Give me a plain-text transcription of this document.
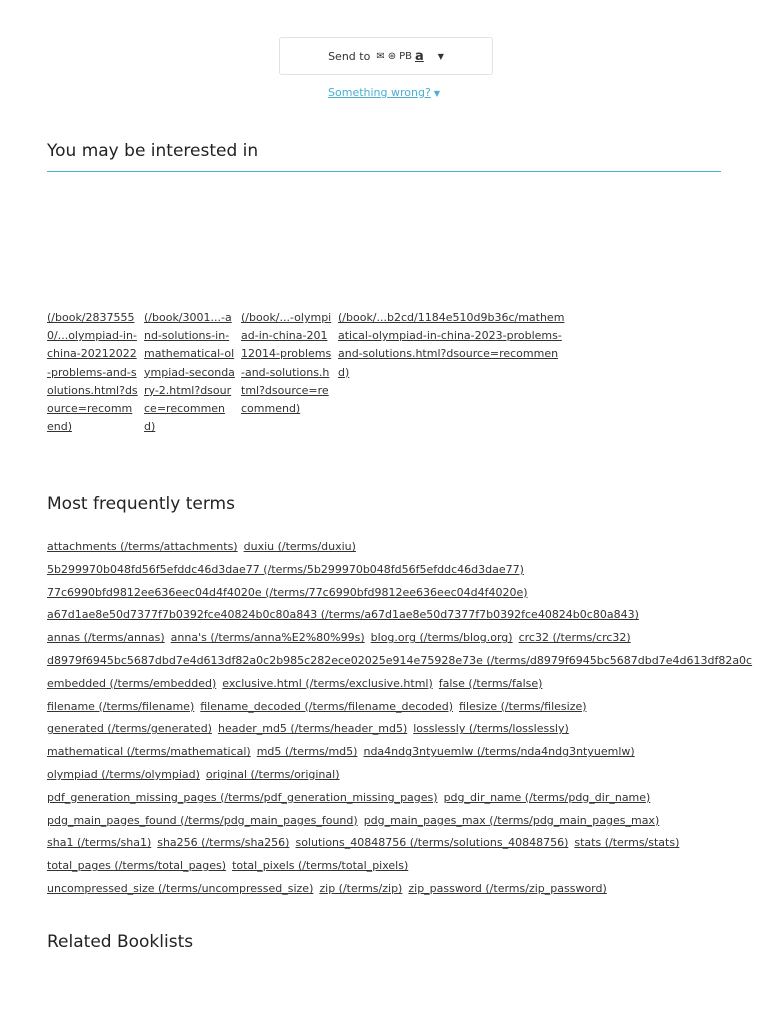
Send to ✉ ⊛ PB a ▼
Something wrong? ▼
You may be interested in
(/book/28375550/...olympiad-in-china-20212022-problems-and-solutions.html?dsource=recommend)
(/book/3001...-and-solutions-in-mathematical-olympiad-secondary-2.html?dsource=recommend)
(/book/...-olympiad-in-china-20112014-problems-and-solutions.html?dsource=recommend)
(/book/...b2cd/1184e510d9b36c/mathematical-olympiad-in-china-2023-problems-and-solutions.html?dsource=recommend)
Most frequently terms
attachments (/terms/attachments) duxiu (/terms/duxiu)
5b299970b048fd56f5efddc46d3dae77 (/terms/5b299970b048fd56f5efddc46d3dae77)
77c6990bfd9812ee636eec04d4f4020e (/terms/77c6990bfd9812ee636eec04d4f4020e)
a67d1ae8e50d7377f7b0392fce40824b0c80a843 (/terms/a67d1ae8e50d7377f7b0392fce40824b0c80a843)
annas (/terms/annas) anna's (/terms/anna%E2%80%99s) blog.org (/terms/blog.org) crc32 (/terms/crc32)
d8979f6945bc5687dbd7e4d613df82a0c2b985c282ece02025e914e75928e73e (/terms/d8979f6945bc5687dbd7e4d613df82a0c
embedded (/terms/embedded) exclusive.html (/terms/exclusive.html) false (/terms/false)
filename (/terms/filename) filename_decoded (/terms/filename_decoded) filesize (/terms/filesize)
generated (/terms/generated) header_md5 (/terms/header_md5) losslessly (/terms/losslessly)
mathematical (/terms/mathematical) md5 (/terms/md5) nda4ndg3ntyuemlw (/terms/nda4ndg3ntyuemlw)
olympiad (/terms/olympiad) original (/terms/original)
pdf_generation_missing_pages (/terms/pdf_generation_missing_pages) pdg_dir_name (/terms/pdg_dir_name)
pdg_main_pages_found (/terms/pdg_main_pages_found) pdg_main_pages_max (/terms/pdg_main_pages_max)
sha1 (/terms/sha1) sha256 (/terms/sha256) solutions_40848756 (/terms/solutions_40848756) stats (/terms/stats)
total_pages (/terms/total_pages) total_pixels (/terms/total_pixels)
uncompressed_size (/terms/uncompressed_size) zip (/terms/zip) zip_password (/terms/zip_password)
Related Booklists
